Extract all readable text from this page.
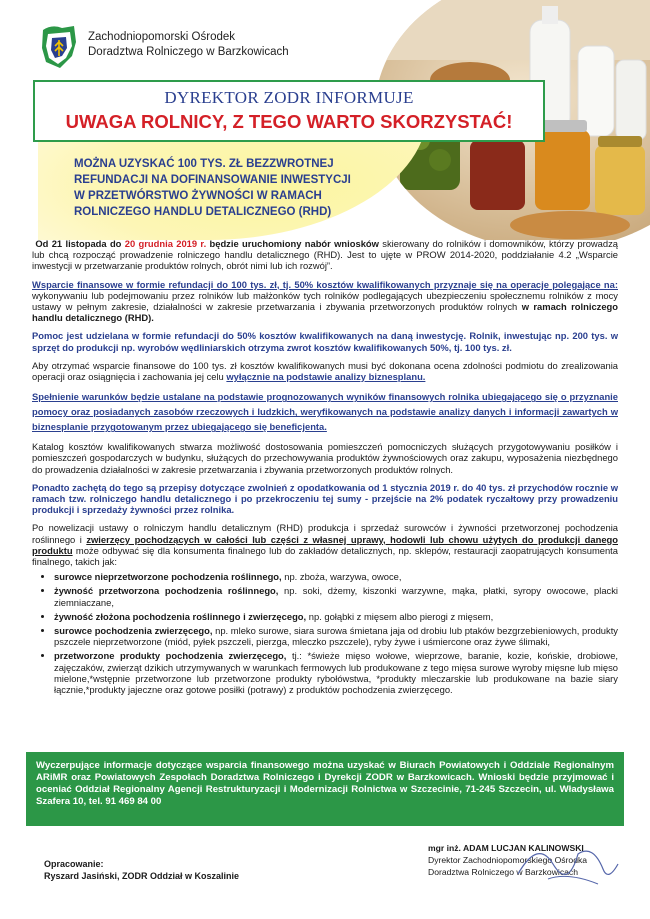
Zachodniopomorski Ośrodek
Doradztwa Rolniczego w Barzkowicach
DYREKTOR ZODR INFORMUJE
UWAGA ROLNICY, Z TEGO WARTO SKORZYSTAĆ!
MOŻNA UZYSKAĆ 100 TYS. ZŁ BEZZWROTNEJ
REFUNDACJI NA DOFINANSOWANIE INWESTYCJI
W PRZETWÓRSTWO ŻYWNOŚCI W RAMACH
ROLNICZEGO HANDLU DETALICZNEGO (RHD)

Od 21 listopada do 20 grudnia 2019 r. będzie uruchomiony nabór wniosków skierowany do rolników i domowników, którzy prowadzą lub chcą rozpocząć prowadzenie rolniczego handlu detalicznego (RHD). Jest to ujęte w PROW 2014-2020, poddziałanie 4.2 „Wsparcie inwestycji w przetwarzanie produktów rolnych, obrót nimi lub ich rozwój”.

Wsparcie finansowe w formie refundacji do 100 tys. zł, tj. 50% kosztów kwalifikowanych przyznaje się na operacje polegające na: wykonywaniu lub podejmowaniu przez rolników lub małżonków tych rolników podlegających ubezpieczeniu społecznemu rolników z mocy ustawy w pełnym zakresie, działalności w zakresie przetwarzania i zbywania przetworzonych produktów rolnych w ramach rolniczego handlu detalicznego (RHD).

Pomoc jest udzielana w formie refundacji do 50% kosztów kwalifikowanych na daną inwestycję. Rolnik, inwestując np. 200 tys. w sprzęt do produkcji np. wyrobów wędliniarskich otrzyma zwrot kosztów kwalifikowanych 50%, tj. 100 tys. zł.

Aby otrzymać wsparcie finansowe do 100 tys. zł kosztów kwalifikowanych musi być dokonana ocena zdolności podmiotu do zrealizowania operacji oraz osiągnięcia i zachowania jej celu wyłącznie na podstawie analizy biznesplanu.

Spełnienie warunków będzie ustalane na podstawie prognozowanych wyników finansowych rolnika ubiegającego się o przyznanie pomocy oraz posiadanych zasobów rzeczowych i ludzkich, weryfikowanych na podstawie analizy danych i informacji zawartych w biznesplanie przygotowanym przez ubiegającego się beneficjenta.

Katalog kosztów kwalifikowanych stwarza możliwość dostosowania pomieszczeń pomocniczych służących przygotowywaniu posiłków i pomieszczeń gospodarczych w budynku, służących do przechowywania produktów żywnościowych oraz zakupu, wyposażenia niezbędnego do prowadzenia działalności w zakresie przetwarzania i zbywania przetworzonych produktów rolnych.

Ponadto zachętą do tego są przepisy dotyczące zwolnień z opodatkowania od 1 stycznia 2019 r. do 40 tys. zł przychodów rocznie w ramach tzw. rolniczego handlu detalicznego i po przekroczeniu tej sumy - przejście na 2% podatek ryczałtowy przy prowadzeniu produkcji i sprzedaży żywności przez rolnika.

Po nowelizacji ustawy o rolniczym handlu detalicznym (RHD) produkcja i sprzedaż surowców i żywności przetworzonej pochodzenia roślinnego i zwierzęcy pochodzących w całości lub części z własnej uprawy, hodowli lub chowu użytych do produkcji danego produktu może odbywać się dla konsumenta finalnego lub do zakładów detalicznych, np. sklepów, restauracji zaopatrujących konsumenta finalnego, takich jak:

• surowce nieprzetworzone pochodzenia roślinnego, np. zboża, warzywa, owoce,
• żywność przetworzona pochodzenia roślinnego, np. soki, dżemy, kiszonki warzywne, mąka, płatki, syropy owocowe, placki ziemniaczane,
• żywność złożona pochodzenia roślinnego i zwierzęcego, np. gołąbki z mięsem albo pierogi z mięsem,
• surowce pochodzenia zwierzęcego, np. mleko surowe, siara surowa śmietana jaja od drobiu lub ptaków bezgrzebieniowych, produkty pszczele nieprzetworzone (miód, pyłek pszczeli, pierzga, mleczko pszczele), ryby żywe i uśmiercone oraz żywe ślimaki,
• przetworzone produkty pochodzenia zwierzęcego, tj.: *świeże mięso wołowe, wieprzowe, baranie, kozie, końskie, drobiowe, zajęczaków, zwierząt dzikich utrzymywanych w warunkach fermowych lub produkowane z tego mięsa surowe wyroby mięsne lub mięso mielone,*wstępnie przetworzone lub przetworzone produkty rybołówstwa, *produkty mleczarskie lub produkowane na bazie siary łącznie,*produkty jajeczne oraz gotowe posiłki (potrawy) z produktów pochodzenia zwierzęcego.
Wyczerpujące informacje dotyczące wsparcia finansowego można uzyskać w Biurach Powiatowych i Oddziale Regionalnym ARiMR oraz Powiatowych Zespołach Doradztwa Rolniczego i Dyrekcji ZODR w Barzkowicach. Wnioski będzie przyjmować i oceniać Oddział Regionalny Agencji Restrukturyzacji i Modernizacji Rolnictwa w Szczecinie, 71-245 Szczecin, ul. Władysława Szafera 10, tel. 91 469 84 00
Opracowanie:
Ryszard Jasiński, ZODR Oddział w Koszalinie
mgr inż. ADAM LUCJAN KALINOWSKI
Dyrektor Zachodniopomorskiego Ośrodka
Doradztwa Rolniczego w Barzkowicach
